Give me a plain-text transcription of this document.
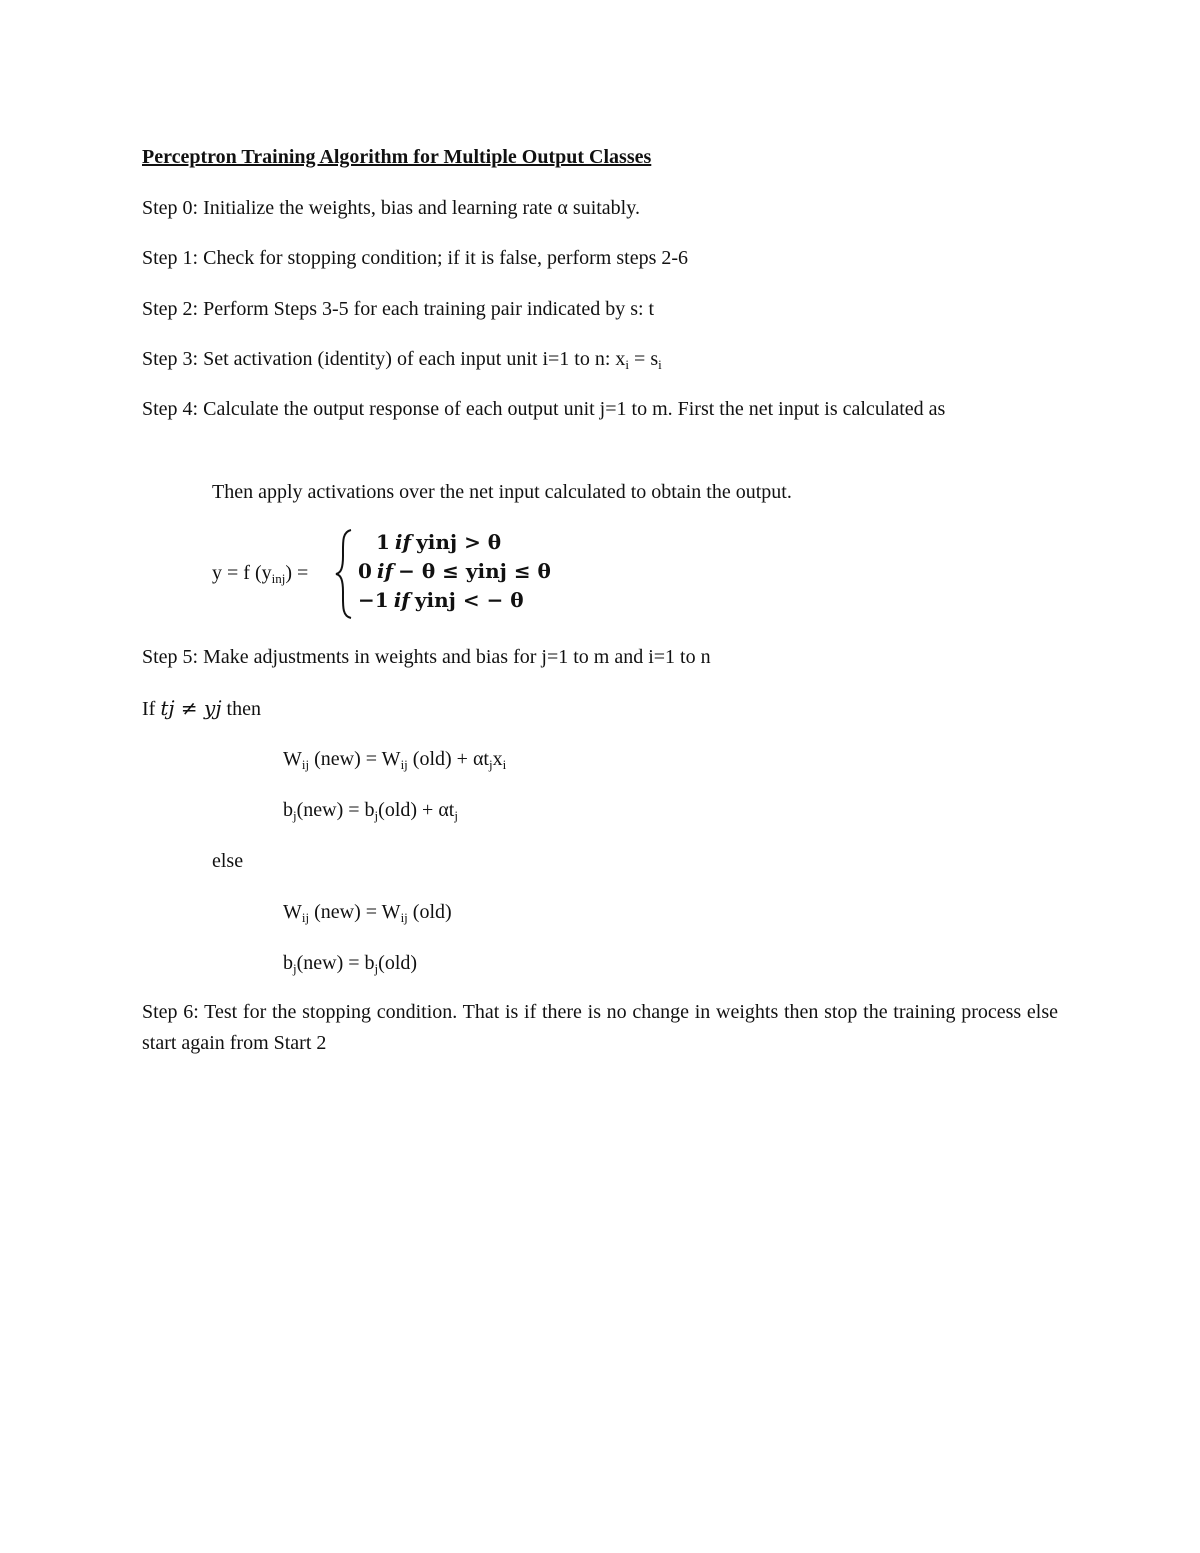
Perceptron Training Algorithm for Multiple Output Classes
Step 0: Initialize the weights, bias and learning rate α suitably.
Step 1: Check for stopping condition; if it is false, perform steps 2-6
Step 2: Perform Steps 3-5 for each training pair indicated by s: t
Step 3: Set activation (identity) of each input unit i=1 to n: $x_i = s_i$
Step 4: Calculate the output response of each output unit j=1 to m. First the net input is calculated as
Then apply activations over the net input calculated to obtain the output.
y = f $(y_{inj})$ =
1 if yinj > θ
0 if − θ ≤ yinj ≤ θ
−1 if yinj < − θ
Step 5: Make adjustments in weights and bias for j=1 to m and i=1 to n
If tj ≠ yj then
$W_{ij}$ $(new) = W_{ij}$ $(old) + \alpha t_jx_i$
$b_j(new) = b_j(old) + \alpha t_j$
else
$W_{ij}$ $(new) = W_{ij}$ (old)
$b_j(new) = b_j(old)$
Step 6: Test for the stopping condition. That is if there is no change in weights then stop the training process else start again from Start 2
